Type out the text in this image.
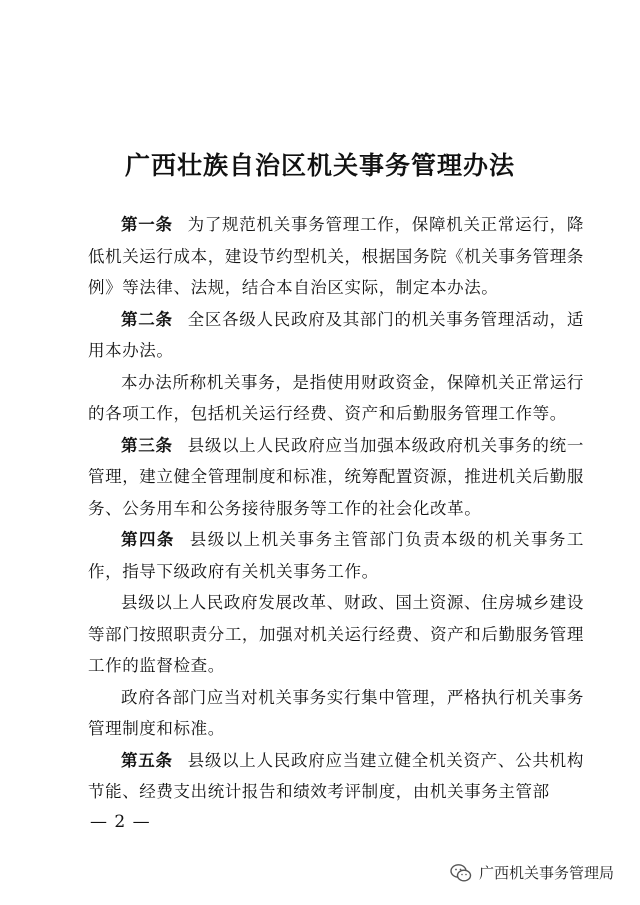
广西壮族自治区机关事务管理办法

第一条 为了规范机关事务管理工作，保障机关正常运行，降低机关运行成本，建设节约型机关，根据国务院《机关事务管理条例》等法律、法规，结合本自治区实际，制定本办法。

第二条 全区各级人民政府及其部门的机关事务管理活动，适用本办法。

本办法所称机关事务，是指使用财政资金，保障机关正常运行的各项工作，包括机关运行经费、资产和后勤服务管理工作等。

第三条 县级以上人民政府应当加强本级政府机关事务的统一管理，建立健全管理制度和标准，统筹配置资源，推进机关后勤服务、公务用车和公务接待服务等工作的社会化改革。

第四条 县级以上机关事务主管部门负责本级的机关事务工作，指导下级政府有关机关事务工作。

县级以上人民政府发展改革、财政、国土资源、住房城乡建设等部门按照职责分工，加强对机关运行经费、资产和后勤服务管理工作的监督检查。

政府各部门应当对机关事务实行集中管理，严格执行机关事务管理制度和标准。

第五条 县级以上人民政府应当建立健全机关资产、公共机构节能、经费支出统计报告和绩效考评制度，由机关事务主管部

— 2 —
广西机关事务管理局
